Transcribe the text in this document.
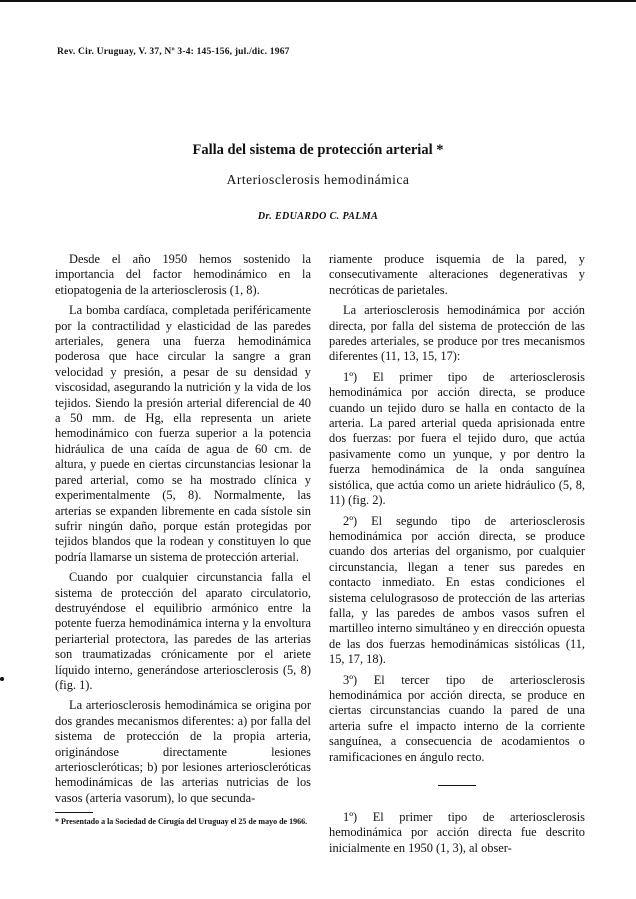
Rev. Cir. Uruguay, V. 37, Nº 3-4: 145-156, jul./dic. 1967
Falla del sistema de protección arterial *
Arteriosclerosis hemodinámica
Dr. EDUARDO C. PALMA

Desde el año 1950 hemos sostenido la importancia del factor hemodinámico en la etiopatogenia de la arteriosclerosis (1, 8).

La bomba cardíaca, completada periféricamente por la contractilidad y elasticidad de las paredes arteriales, genera una fuerza hemodinámica poderosa que hace circular la sangre a gran velocidad y presión, a pesar de su densidad y viscosidad, asegurando la nutrición y la vida de los tejidos. Siendo la presión arterial diferencial de 40 a 50 mm. de Hg, ella representa un ariete hemodinámico con fuerza superior a la potencia hidráulica de una caída de agua de 60 cm. de altura, y puede en ciertas circunstancias lesionar la pared arterial, como se ha mostrado clínica y experimentalmente (5, 8). Normalmente, las arterias se expanden libremente en cada sístole sin sufrir ningún daño, porque están protegidas por tejidos blandos que la rodean y constituyen lo que podría llamarse un sistema de protección arterial.

Cuando por cualquier circunstancia falla el sistema de protección del aparato circulatorio, destruyéndose el equilibrio armónico entre la potente fuerza hemodinámica interna y la envoltura periarterial protectora, las paredes de las arterias son traumatizadas crónicamente por el ariete líquido interno, generándose arteriosclerosis (5, 8) (fig. 1).

La arteriosclerosis hemodinámica se origina por dos grandes mecanismos diferentes: a) por falla del sistema de protección de la propia arteria, originándose directamente lesiones arterioscleróticas; b) por lesiones arterioscleróticas hemodinámicas de las arterias nutricias de los vasos (arteria vasorum), lo que secunda-

riamente produce isquemia de la pared, y consecutivamente alteraciones degenerativas y necróticas de parietales.

La arteriosclerosis hemodinámica por acción directa, por falla del sistema de protección de las paredes arteriales, se produce por tres mecanismos diferentes (11, 13, 15, 17):

1º) El primer tipo de arteriosclerosis hemodinámica por acción directa, se produce cuando un tejido duro se halla en contacto de la arteria. La pared arterial queda aprisionada entre dos fuerzas: por fuera el tejido duro, que actúa pasivamente como un yunque, y por dentro la fuerza hemodinámica de la onda sanguínea sistólica, que actúa como un ariete hidráulico (5, 8, 11) (fig. 2).

2º) El segundo tipo de arteriosclerosis hemodinámica por acción directa, se produce cuando dos arterias del organismo, por cualquier circunstancia, llegan a tener sus paredes en contacto inmediato. En estas condiciones el sistema celulograsoso de protección de las arterias falla, y las paredes de ambos vasos sufren el martilleo interno simultáneo y en dirección opuesta de las dos fuerzas hemodinámicas sistólicas (11, 15, 17, 18).

3º) El tercer tipo de arteriosclerosis hemodinámica por acción directa, se produce en ciertas circunstancias cuando la pared de una arteria sufre el impacto interno de la corriente sanguínea, a consecuencia de acodamientos o ramificaciones en ángulo recto.

1º) El primer tipo de arteriosclerosis hemodinámica por acción directa fue descrito inicialmente en 1950 (1, 3), al obser-

* Presentado a la Sociedad de Cirugía del Uruguay el 25 de mayo de 1966.
